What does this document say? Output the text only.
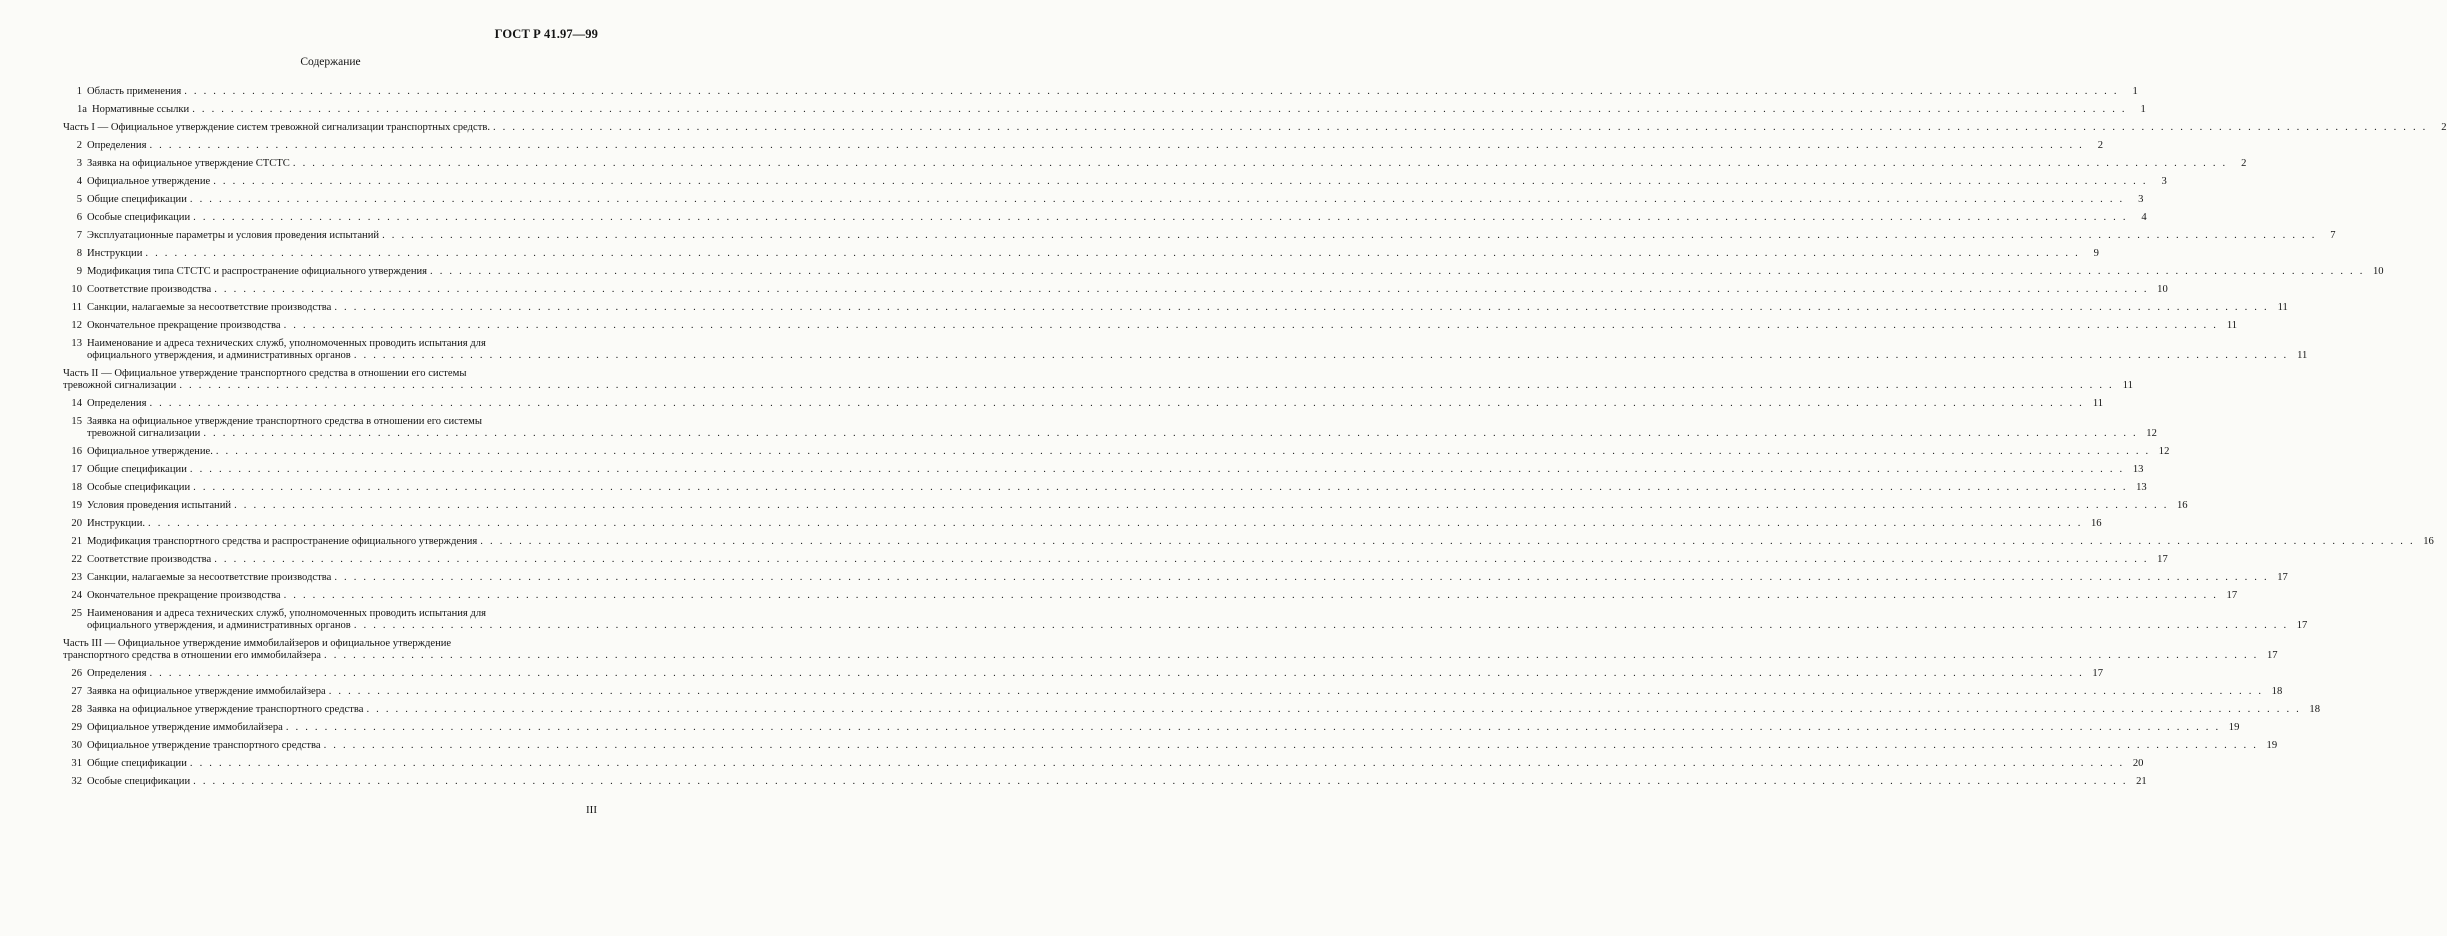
ГОСТ Р 41.97—99
Содержание
1 Область применения . . . . . . . . . . . . . . . . . . . . . . . . . . . . . . . . . . . . . . . . . . . . . . . . . . . . . . . . . . . . . . . . . . . . . . . . . . . . . . . . . . . . . . . . . . . . . . . . . . . . . . . . . . . . . . . . . . . . . . . . . . . . . . . . . . . . . . . . . . . . . . . . . . . . . . . . . . . . . . . . . . . . . . . . . . . . . . . . . . . . . . . . . . . . . . . . . . . . . . . .	1
1а Нормативные ссылки . . . . . . . . . . . . . . . . . . . . . . . . . . . . . . . . . . . . . . . . . . . . . . . . . . . . . . . . . . . . . . . . . . . . . . . . . . . . . . . . . . . . . . . . . . . . . . . . . . . . . . . . . . . . . . . . . . . . . . . . . . . . . . . . . . . . . . . . . . . . . . . . . . . . . . . . . . . . . . . . . . . . . . . . . . . . . . . . . . . . . . . . . . . . . . . . . . . . . . . .	1
Часть I — Официальное утверждение систем тревожной сигнализации транспортных средств. . . . . . . . . . . . . . . . . . . . . . . . . . . . . . . . . . . . . . . . . . . . . . . . . . . . . . . . . . . . . . . . . . . . . . . . . . . . . . . . . . . . . . . . . . . . . . . . . . . . . . . . . . . . . . . . . . . . . . . . . . . . . . . . . . . . . . . . . . . . . . . . . . . . . . . . . . . . . . . . . . . . . . . . . . . . . . . . . . . . . . . . . . . . . . . . . . . . . . . . .	2
2 Определения . . . . . . . . . . . . . . . . . . . . . . . . . . . . . . . . . . . . . . . . . . . . . . . . . . . . . . . . . . . . . . . . . . . . . . . . . . . . . . . . . . . . . . . . . . . . . . . . . . . . . . . . . . . . . . . . . . . . . . . . . . . . . . . . . . . . . . . . . . . . . . . . . . . . . . . . . . . . . . . . . . . . . . . . . . . . . . . . . . . . . . . . . . . . . . . . . . . . . . . .	2
3 Заявка на официальное утверждение СТСТС . . . . . . . . . . . . . . . . . . . . . . . . . . . . . . . . . . . . . . . . . . . . . . . . . . . . . . . . . . . . . . . . . . . . . . . . . . . . . . . . . . . . . . . . . . . . . . . . . . . . . . . . . . . . . . . . . . . . . . . . . . . . . . . . . . . . . . . . . . . . . . . . . . . . . . . . . . . . . . . . . . . . . . . . . . . . . . . . . . . . . . . . . . . . . . . . . . . . . . . .	2
4 Официальное утверждение . . . . . . . . . . . . . . . . . . . . . . . . . . . . . . . . . . . . . . . . . . . . . . . . . . . . . . . . . . . . . . . . . . . . . . . . . . . . . . . . . . . . . . . . . . . . . . . . . . . . . . . . . . . . . . . . . . . . . . . . . . . . . . . . . . . . . . . . . . . . . . . . . . . . . . . . . . . . . . . . . . . . . . . . . . . . . . . . . . . . . . . . . . . . . . . . . . . . . . . .	3
5 Общие спецификации . . . . . . . . . . . . . . . . . . . . . . . . . . . . . . . . . . . . . . . . . . . . . . . . . . . . . . . . . . . . . . . . . . . . . . . . . . . . . . . . . . . . . . . . . . . . . . . . . . . . . . . . . . . . . . . . . . . . . . . . . . . . . . . . . . . . . . . . . . . . . . . . . . . . . . . . . . . . . . . . . . . . . . . . . . . . . . . . . . . . . . . . . . . . . . . . . . . . . . . .	3
6 Особые спецификации . . . . . . . . . . . . . . . . . . . . . . . . . . . . . . . . . . . . . . . . . . . . . . . . . . . . . . . . . . . . . . . . . . . . . . . . . . . . . . . . . . . . . . . . . . . . . . . . . . . . . . . . . . . . . . . . . . . . . . . . . . . . . . . . . . . . . . . . . . . . . . . . . . . . . . . . . . . . . . . . . . . . . . . . . . . . . . . . . . . . . . . . . . . . . . . . . . . . . . . .	4
7 Эксплуатационные параметры и условия проведения испытаний . . . . . . . . . . . . . . . . . . . . . . . . . . . . . . . . . . . . . . . . . . . . . . . . . . . . . . . . . . . . . . . . . . . . . . . . . . . . . . . . . . . . . . . . . . . . . . . . . . . . . . . . . . . . . . . . . . . . . . . . . . . . . . . . . . . . . . . . . . . . . . . . . . . . . . . . . . . . . . . . . . . . . . . . . . . . . . . . . . . . . . . . . . . . . . . . . . . . . . . .	7
8 Инструкции . . . . . . . . . . . . . . . . . . . . . . . . . . . . . . . . . . . . . . . . . . . . . . . . . . . . . . . . . . . . . . . . . . . . . . . . . . . . . . . . . . . . . . . . . . . . . . . . . . . . . . . . . . . . . . . . . . . . . . . . . . . . . . . . . . . . . . . . . . . . . . . . . . . . . . . . . . . . . . . . . . . . . . . . . . . . . . . . . . . . . . . . . . . . . . . . . . . . . . . .	9
9 Модификация типа СТСТС и распространение официального утверждения . . . . . . . . . . . . . . . . . . . . . . . . . . . . . . . . . . . . . . . . . . . . . . . . . . . . . . . . . . . . . . . . . . . . . . . . . . . . . . . . . . . . . . . . . . . . . . . . . . . . . . . . . . . . . . . . . . . . . . . . . . . . . . . . . . . . . . . . . . . . . . . . . . . . . . . . . . . . . . . . . . . . . . . . . . . . . . . . . . . . . . . . . . . . . . . . . . . . . . . . 10
10 Соответствие производства . . . . . . . . . . . . . . . . . . . . . . . . . . . . . . . . . . . . . . . . . . . . . . . . . . . . . . . . . . . . . . . . . . . . . . . . . . . . . . . . . . . . . . . . . . . . . . . . . . . . . . . . . . . . . . . . . . . . . . . . . . . . . . . . . . . . . . . . . . . . . . . . . . . . . . . . . . . . . . . . . . . . . . . . . . . . . . . . . . . . . . . . . . . . . . . . . . . . . . . . 10
11 Санкции, налагаемые за несоответствие производства . . . . . . . . . . . . . . . . . . . . . . . . . . . . . . . . . . . . . . . . . . . . . . . . . . . . . . . . . . . . . . . . . . . . . . . . . . . . . . . . . . . . . . . . . . . . . . . . . . . . . . . . . . . . . . . . . . . . . . . . . . . . . . . . . . . . . . . . . . . . . . . . . . . . . . . . . . . . . . . . . . . . . . . . . . . . . . . . . . . . . . . . . . . . . . . . . . . . . . . . 11
12 Окончательное прекращение производства . . . . . . . . . . . . . . . . . . . . . . . . . . . . . . . . . . . . . . . . . . . . . . . . . . . . . . . . . . . . . . . . . . . . . . . . . . . . . . . . . . . . . . . . . . . . . . . . . . . . . . . . . . . . . . . . . . . . . . . . . . . . . . . . . . . . . . . . . . . . . . . . . . . . . . . . . . . . . . . . . . . . . . . . . . . . . . . . . . . . . . . . . . . . . . . . . . . . . . . . 11
13 Наименование и адреса технических служб, уполномоченных проводить испытания для
официального утверждения, и административных органов . . . . . . . . . . . . . . . . . . . . . . . . . . . . . . . . . . . . . . . . . . . . . . . . . . . . . . . . . . . . . . . . . . . . . . . . . . . . . . . . . . . . . . . . . . . . . . . . . . . . . . . . . . . . . . . . . . . . . . . . . . . . . . . . . . . . . . . . . . . . . . . . . . . . . . . . . . . . . . . . . . . . . . . . . . . . . . . . . . . . . . . . . . . . . . . . . . . . . . . . 11
Часть II — Официальное утверждение транспортного средства в отношении его системы
тревожной сигнализации . . . . . . . . . . . . . . . . . . . . . . . . . . . . . . . . . . . . . . . . . . . . . . . . . . . . . . . . . . . . . . . . . . . . . . . . . . . . . . . . . . . . . . . . . . . . . . . . . . . . . . . . . . . . . . . . . . . . . . . . . . . . . . . . . . . . . . . . . . . . . . . . . . . . . . . . . . . . . . . . . . . . . . . . . . . . . . . . . . . . . . . . . . . . . . . . . . . . . . . . 11
14 Определения . . . . . . . . . . . . . . . . . . . . . . . . . . . . . . . . . . . . . . . . . . . . . . . . . . . . . . . . . . . . . . . . . . . . . . . . . . . . . . . . . . . . . . . . . . . . . . . . . . . . . . . . . . . . . . . . . . . . . . . . . . . . . . . . . . . . . . . . . . . . . . . . . . . . . . . . . . . . . . . . . . . . . . . . . . . . . . . . . . . . . . . . . . . . . . . . . . . . . . . . 11
15 Заявка на официальное утверждение транспортного средства в отношении его системы
тревожной сигнализации . . . . . . . . . . . . . . . . . . . . . . . . . . . . . . . . . . . . . . . . . . . . . . . . . . . . . . . . . . . . . . . . . . . . . . . . . . . . . . . . . . . . . . . . . . . . . . . . . . . . . . . . . . . . . . . . . . . . . . . . . . . . . . . . . . . . . . . . . . . . . . . . . . . . . . . . . . . . . . . . . . . . . . . . . . . . . . . . . . . . . . . . . . . . . . . . . . . . . . . . 12
16 Официальное утверждение. . . . . . . . . . . . . . . . . . . . . . . . . . . . . . . . . . . . . . . . . . . . . . . . . . . . . . . . . . . . . . . . . . . . . . . . . . . . . . . . . . . . . . . . . . . . . . . . . . . . . . . . . . . . . . . . . . . . . . . . . . . . . . . . . . . . . . . . . . . . . . . . . . . . . . . . . . . . . . . . . . . . . . . . . . . . . . . . . . . . . . . . . . . . . . . . . . . . . . . . . 12
17 Общие спецификации . . . . . . . . . . . . . . . . . . . . . . . . . . . . . . . . . . . . . . . . . . . . . . . . . . . . . . . . . . . . . . . . . . . . . . . . . . . . . . . . . . . . . . . . . . . . . . . . . . . . . . . . . . . . . . . . . . . . . . . . . . . . . . . . . . . . . . . . . . . . . . . . . . . . . . . . . . . . . . . . . . . . . . . . . . . . . . . . . . . . . . . . . . . . . . . . . . . . . . . . 13
18 Особые спецификации . . . . . . . . . . . . . . . . . . . . . . . . . . . . . . . . . . . . . . . . . . . . . . . . . . . . . . . . . . . . . . . . . . . . . . . . . . . . . . . . . . . . . . . . . . . . . . . . . . . . . . . . . . . . . . . . . . . . . . . . . . . . . . . . . . . . . . . . . . . . . . . . . . . . . . . . . . . . . . . . . . . . . . . . . . . . . . . . . . . . . . . . . . . . . . . . . . . . . . . . 13
19 Условия проведения испытаний . . . . . . . . . . . . . . . . . . . . . . . . . . . . . . . . . . . . . . . . . . . . . . . . . . . . . . . . . . . . . . . . . . . . . . . . . . . . . . . . . . . . . . . . . . . . . . . . . . . . . . . . . . . . . . . . . . . . . . . . . . . . . . . . . . . . . . . . . . . . . . . . . . . . . . . . . . . . . . . . . . . . . . . . . . . . . . . . . . . . . . . . . . . . . . . . . . . . . . . . 16
20 Инструкции. . . . . . . . . . . . . . . . . . . . . . . . . . . . . . . . . . . . . . . . . . . . . . . . . . . . . . . . . . . . . . . . . . . . . . . . . . . . . . . . . . . . . . . . . . . . . . . . . . . . . . . . . . . . . . . . . . . . . . . . . . . . . . . . . . . . . . . . . . . . . . . . . . . . . . . . . . . . . . . . . . . . . . . . . . . . . . . . . . . . . . . . . . . . . . . . . . . . . . . . . 16
21 Модификация транспортного средства и распространение официального утверждения . . . . . . . . . . . . . . . . . . . . . . . . . . . . . . . . . . . . . . . . . . . . . . . . . . . . . . . . . . . . . . . . . . . . . . . . . . . . . . . . . . . . . . . . . . . . . . . . . . . . . . . . . . . . . . . . . . . . . . . . . . . . . . . . . . . . . . . . . . . . . . . . . . . . . . . . . . . . . . . . . . . . . . . . . . . . . . . . . . . . . . . . . . . . . . . . . . . . . . . . 16
22 Соответствие производства . . . . . . . . . . . . . . . . . . . . . . . . . . . . . . . . . . . . . . . . . . . . . . . . . . . . . . . . . . . . . . . . . . . . . . . . . . . . . . . . . . . . . . . . . . . . . . . . . . . . . . . . . . . . . . . . . . . . . . . . . . . . . . . . . . . . . . . . . . . . . . . . . . . . . . . . . . . . . . . . . . . . . . . . . . . . . . . . . . . . . . . . . . . . . . . . . . . . . . . . 17
23 Санкции, налагаемые за несоответствие производства . . . . . . . . . . . . . . . . . . . . . . . . . . . . . . . . . . . . . . . . . . . . . . . . . . . . . . . . . . . . . . . . . . . . . . . . . . . . . . . . . . . . . . . . . . . . . . . . . . . . . . . . . . . . . . . . . . . . . . . . . . . . . . . . . . . . . . . . . . . . . . . . . . . . . . . . . . . . . . . . . . . . . . . . . . . . . . . . . . . . . . . . . . . . . . . . . . . . . . . . 17
24 Окончательное прекращение производства . . . . . . . . . . . . . . . . . . . . . . . . . . . . . . . . . . . . . . . . . . . . . . . . . . . . . . . . . . . . . . . . . . . . . . . . . . . . . . . . . . . . . . . . . . . . . . . . . . . . . . . . . . . . . . . . . . . . . . . . . . . . . . . . . . . . . . . . . . . . . . . . . . . . . . . . . . . . . . . . . . . . . . . . . . . . . . . . . . . . . . . . . . . . . . . . . . . . . . . . 17
25 Наименования и адреса технических служб, уполномоченных проводить испытания для
официального утверждения, и административных органов . . . . . . . . . . . . . . . . . . . . . . . . . . . . . . . . . . . . . . . . . . . . . . . . . . . . . . . . . . . . . . . . . . . . . . . . . . . . . . . . . . . . . . . . . . . . . . . . . . . . . . . . . . . . . . . . . . . . . . . . . . . . . . . . . . . . . . . . . . . . . . . . . . . . . . . . . . . . . . . . . . . . . . . . . . . . . . . . . . . . . . . . . . . . . . . . . . . . . . . . 17
Часть III — Официальное утверждение иммобилайзеров и официальное утверждение
транспортного средства в отношении его иммобилайзера . . . . . . . . . . . . . . . . . . . . . . . . . . . . . . . . . . . . . . . . . . . . . . . . . . . . . . . . . . . . . . . . . . . . . . . . . . . . . . . . . . . . . . . . . . . . . . . . . . . . . . . . . . . . . . . . . . . . . . . . . . . . . . . . . . . . . . . . . . . . . . . . . . . . . . . . . . . . . . . . . . . . . . . . . . . . . . . . . . . . . . . . . . . . . . . . . . . . . . . . 17
26 Определения . . . . . . . . . . . . . . . . . . . . . . . . . . . . . . . . . . . . . . . . . . . . . . . . . . . . . . . . . . . . . . . . . . . . . . . . . . . . . . . . . . . . . . . . . . . . . . . . . . . . . . . . . . . . . . . . . . . . . . . . . . . . . . . . . . . . . . . . . . . . . . . . . . . . . . . . . . . . . . . . . . . . . . . . . . . . . . . . . . . . . . . . . . . . . . . . . . . . . . . . 17
27 Заявка на официальное утверждение иммобилайзера . . . . . . . . . . . . . . . . . . . . . . . . . . . . . . . . . . . . . . . . . . . . . . . . . . . . . . . . . . . . . . . . . . . . . . . . . . . . . . . . . . . . . . . . . . . . . . . . . . . . . . . . . . . . . . . . . . . . . . . . . . . . . . . . . . . . . . . . . . . . . . . . . . . . . . . . . . . . . . . . . . . . . . . . . . . . . . . . . . . . . . . . . . . . . . . . . . . . . . . . 18
28 Заявка на официальное утверждение транспортного средства . . . . . . . . . . . . . . . . . . . . . . . . . . . . . . . . . . . . . . . . . . . . . . . . . . . . . . . . . . . . . . . . . . . . . . . . . . . . . . . . . . . . . . . . . . . . . . . . . . . . . . . . . . . . . . . . . . . . . . . . . . . . . . . . . . . . . . . . . . . . . . . . . . . . . . . . . . . . . . . . . . . . . . . . . . . . . . . . . . . . . . . . . . . . . . . . . . . . . . . . 18
29 Официальное утверждение иммобилайзера . . . . . . . . . . . . . . . . . . . . . . . . . . . . . . . . . . . . . . . . . . . . . . . . . . . . . . . . . . . . . . . . . . . . . . . . . . . . . . . . . . . . . . . . . . . . . . . . . . . . . . . . . . . . . . . . . . . . . . . . . . . . . . . . . . . . . . . . . . . . . . . . . . . . . . . . . . . . . . . . . . . . . . . . . . . . . . . . . . . . . . . . . . . . . . . . . . . . . . . . 19
30 Официальное утверждение транспортного средства . . . . . . . . . . . . . . . . . . . . . . . . . . . . . . . . . . . . . . . . . . . . . . . . . . . . . . . . . . . . . . . . . . . . . . . . . . . . . . . . . . . . . . . . . . . . . . . . . . . . . . . . . . . . . . . . . . . . . . . . . . . . . . . . . . . . . . . . . . . . . . . . . . . . . . . . . . . . . . . . . . . . . . . . . . . . . . . . . . . . . . . . . . . . . . . . . . . . . . . . 19
31 Общие спецификации . . . . . . . . . . . . . . . . . . . . . . . . . . . . . . . . . . . . . . . . . . . . . . . . . . . . . . . . . . . . . . . . . . . . . . . . . . . . . . . . . . . . . . . . . . . . . . . . . . . . . . . . . . . . . . . . . . . . . . . . . . . . . . . . . . . . . . . . . . . . . . . . . . . . . . . . . . . . . . . . . . . . . . . . . . . . . . . . . . . . . . . . . . . . . . . . . . . . . . . . 20
32 Особые спецификации . . . . . . . . . . . . . . . . . . . . . . . . . . . . . . . . . . . . . . . . . . . . . . . . . . . . . . . . . . . . . . . . . . . . . . . . . . . . . . . . . . . . . . . . . . . . . . . . . . . . . . . . . . . . . . . . . . . . . . . . . . . . . . . . . . . . . . . . . . . . . . . . . . . . . . . . . . . . . . . . . . . . . . . . . . . . . . . . . . . . . . . . . . . . . . . . . . . . . . . . 21
III
